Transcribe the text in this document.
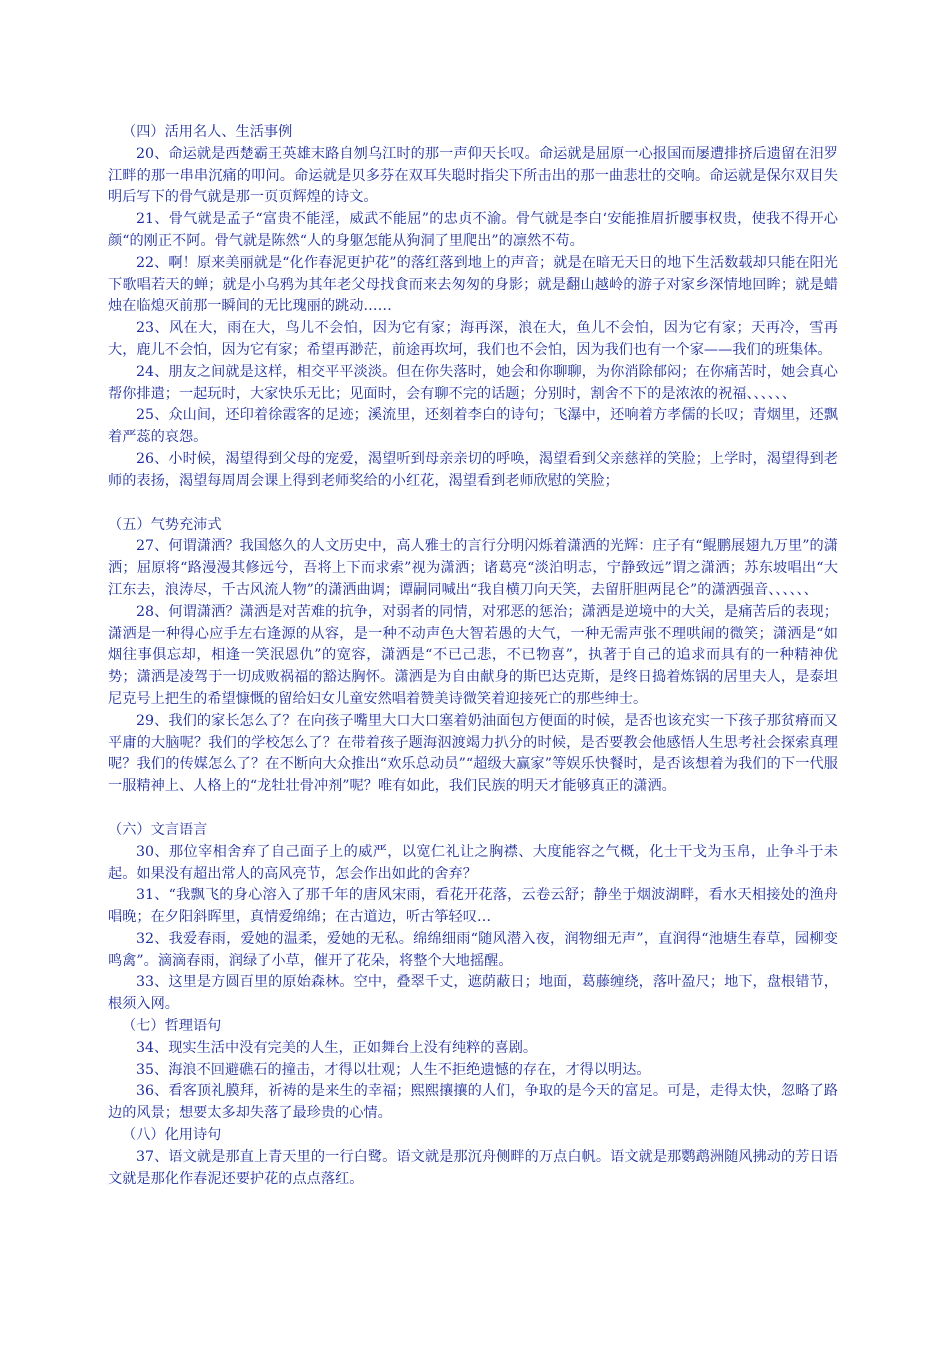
（四）活用名人、生活事例

20、命运就是西楚霸王英雄末路自刎乌江时的那一声仰天长叹。命运就是屈原一心报国而屡遭排挤后遗留在汨罗江畔的那一串串沉痛的叩问。命运就是贝多芬在双耳失聪时指尖下所击出的那一曲悲壮的交响。命运就是保尔双目失明后写下的骨气就是那一页页辉煌的诗文。

21、骨气就是孟子“富贵不能淫，威武不能屈”的忠贞不渝。骨气就是李白‘安能推眉折腰事权贵，使我不得开心颜“的刚正不阿。骨气就是陈然“人的身躯怎能从狗洞了里爬出”的凛然不苟。

22、啊！原来美丽就是“化作春泥更护花”的落红落到地上的声音；就是在暗无天日的地下生活数载却只能在阳光下歌唱若天的蝉；就是小乌鸦为其年老父母找食而来去匆匆的身影；就是翻山越岭的游子对家乡深情地回眸；就是蜡烛在临熄灭前那一瞬间的无比瑰丽的跳动……

23、风在大，雨在大，鸟儿不会怕，因为它有家；海再深，浪在大，鱼儿不会怕，因为它有家；天再冷，雪再大，鹿儿不会怕，因为它有家；希望再渺茫，前途再坎坷，我们也不会怕，因为我们也有一个家——我们的班集体。

24、朋友之间就是这样，相交平平淡淡。但在你失落时，她会和你聊聊，为你消除郁闷；在你痛苦时，她会真心帮你排遣；一起玩时，大家快乐无比；见面时，会有聊不完的话题；分别时，割舍不下的是浓浓的祝福、、、、、、

25、众山间，还印着徐霞客的足迹；溪流里，还刻着李白的诗句；飞瀑中，还响着方孝儒的长叹；青烟里，还飘着严蕊的哀怨。

26、小时候，渴望得到父母的宠爱，渴望听到母亲亲切的呼唤，渴望看到父亲慈祥的笑脸；上学时，渴望得到老师的表扬，渴望每周周会课上得到老师奖给的小红花，渴望看到老师欣慰的笑脸；

（五）气势充沛式

27、何谓潇洒？我国悠久的人文历史中，高人雅士的言行分明闪烁着潇洒的光辉：庄子有“鲲鹏展翅九万里”的潇洒；屈原将“路漫漫其修远兮，吾将上下而求索”视为潇洒；诸葛亮“淡泊明志，宁静致远”谓之潇洒；苏东坡唱出“大江东去，浪涛尽，千古风流人物”的潇洒曲调；谭嗣同喊出“我自横刀向天笑，去留肝胆两昆仑”的潇洒强音、、、、、、

28、何谓潇洒？潇洒是对苦难的抗争，对弱者的同情，对邪恶的惩治；潇洒是逆境中的大关，是痛苦后的表现；潇洒是一种得心应手左右逢源的从容，是一种不动声色大智若愚的大气，一种无需声张不理哄闹的微笑；潇洒是“如烟往事俱忘却，相逢一笑泯恩仇”的宽容，潇洒是“不已己悲，不已物喜”，执著于自己的追求而具有的一种精神优势；潇洒是凌驾于一切成败祸福的豁达胸怀。潇洒是为自由献身的斯巴达克斯，是终日捣着炼锅的居里夫人，是泰坦尼克号上把生的希望慷慨的留给妇女儿童安然唱着赞美诗微笑着迎接死亡的那些绅士。

29、我们的家长怎么了？在向孩子嘴里大口大口塞着奶油面包方便面的时候，是否也该充实一下孩子那贫瘠而又平庸的大脑呢？我们的学校怎么了？在带着孩子题海泅渡竭力扒分的时候，是否要教会他感悟人生思考社会探索真理呢？我们的传媒怎么了？在不断向大众推出“欢乐总动员”“超级大赢家”等娱乐快餐时，是否该想着为我们的下一代服一服精神上、人格上的“龙牡壮骨冲剂”呢？唯有如此，我们民族的明天才能够真正的潇洒。

（六）文言语言

30、那位宰相舍弃了自己面子上的威严，以宽仁礼让之胸襟、大度能容之气概，化士干戈为玉帛，止争斗于未起。如果没有超出常人的高风亮节，怎会作出如此的舍弃？

31、“我飘飞的身心溶入了那千年的唐风宋雨，看花开花落，云卷云舒；静坐于烟波湖畔，看水天相接处的渔舟唱晚；在夕阳斜晖里，真情爱绵绵；在古道边，听古筝轻叹…

32、我爱春雨，爱她的温柔，爱她的无私。绵绵细雨“随风潜入夜，润物细无声”，直润得“池塘生春草，园柳变鸣禽”。滴滴春雨，润绿了小草，催开了花朵，将整个大地摇醒。

33、这里是方圆百里的原始森林。空中，叠翠千丈，遮荫蔽日；地面，葛藤缠绕，落叶盈尺；地下，盘根错节，根须入网。

（七）哲理语句

34、现实生活中没有完美的人生，正如舞台上没有纯粹的喜剧。

35、海浪不回避礁石的撞击，才得以壮观；人生不拒绝遗憾的存在，才得以明达。

36、看客顶礼膜拜，祈祷的是来生的幸福；熙熙攘攘的人们，争取的是今天的富足。可是，走得太快，忽略了路边的风景；想要太多却失落了最珍贵的心情。

（八）化用诗句

37、语文就是那直上青天里的一行白鹭。语文就是那沉舟侧畔的万点白帆。语文就是那鹦鹉洲随风拂动的芳日语文就是那化作春泥还要护花的点点落红。
